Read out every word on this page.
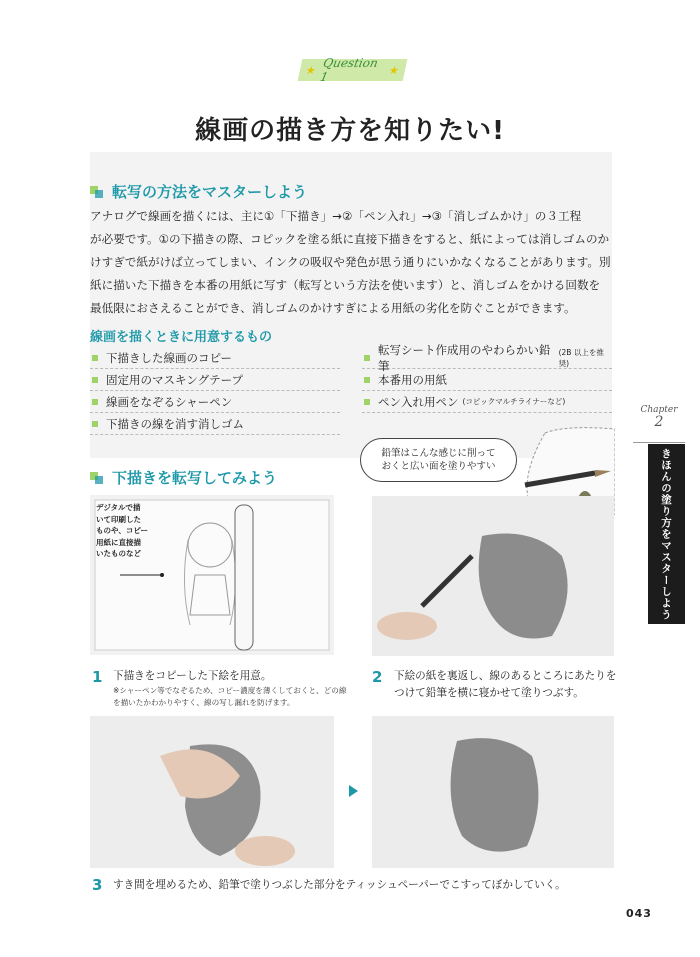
★ Question 1	★
線画の描き方を知りたい!
転写の方法をマスターしよう
アナログで線画を描くには、主に①「下描き」→②「ペン入れ」→③「消しゴムかけ」の３工程
が必要です。①の下描きの際、コピックを塗る紙に直接下描きをすると、紙によっては消しゴムのか
けすぎで紙がけば立ってしまい、インクの吸収や発色が思う通りにいかなくなることがあります。別
紙に描いた下描きを本番の用紙に写す（転写という方法を使います）と、消しゴムをかける回数を
最低限におさえることができ、消しゴムのかけすぎによる用紙の劣化を防ぐことができます。
線画を描くときに用意するもの
下描きした線画のコピー
固定用のマスキングテープ
線画をなぞるシャーペン
下描きの線を消す消しゴム
転写シート作成用のやわらかい鉛筆
(2B 以上を推奨)
本番用の用紙
ペン入れ用ペン (コピックマルチライナーなど)
Chapter
2
きほんの塗り方をマスターしよう
下描きを転写してみよう
鉛筆はこんな感じに削って
おくと広い面を塗りやすい
デジタルで描
いて印刷した
ものや、コピー
用紙に直接描
いたものなど
1 下描きをコピーした下絵を用意。
※シャーペン等でなぞるため、コピー濃度を薄くしておくと、どの線
を描いたかわかりやすく、線の写し漏れを防げます。
2 下絵の紙を裏返し、線のあるところにあたりを
つけて鉛筆を横に寝かせて塗りつぶす。
3 すき間を埋めるため、鉛筆で塗りつぶした部分をティッシュペーパーでこすってぼかしていく。
043
